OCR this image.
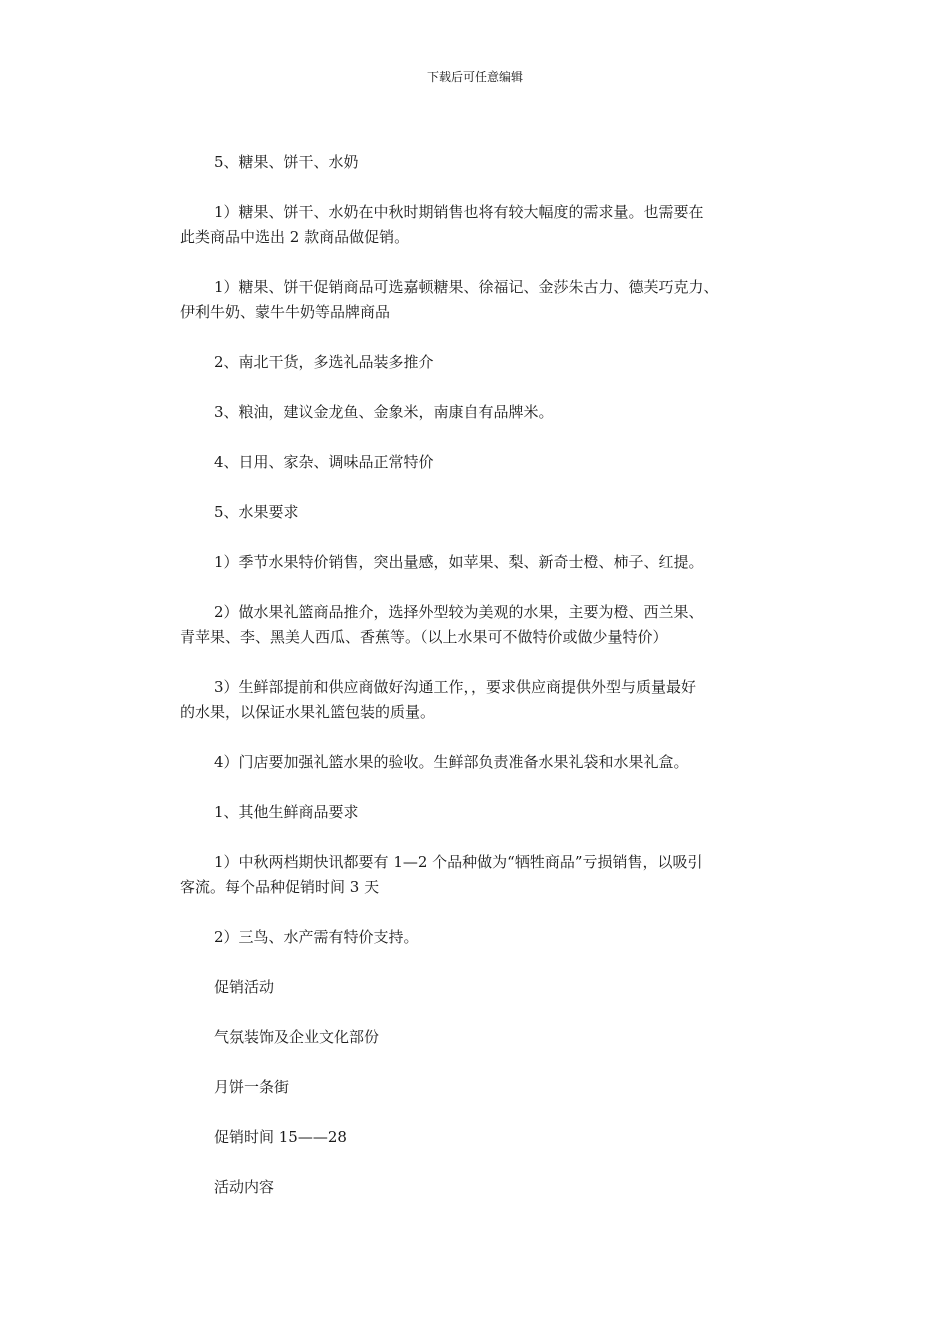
下载后可任意编辑

5、糖果、饼干、水奶

1）糖果、饼干、水奶在中秋时期销售也将有较大幅度的需求量。也需要在
此类商品中选出 2 款商品做促销。

1）糖果、饼干促销商品可选嘉顿糖果、徐福记、金莎朱古力、德芙巧克力、
伊利牛奶、蒙牛牛奶等品牌商品

2、南北干货，多选礼品装多推介

3、粮油，建议金龙鱼、金象米，南康自有品牌米。

4、日用、家杂、调味品正常特价

5、水果要求

1）季节水果特价销售，突出量感，如苹果、梨、新奇士橙、柿子、红提。

2）做水果礼篮商品推介，选择外型较为美观的水果，主要为橙、西兰果、
青苹果、李、黑美人西瓜、香蕉等。（以上水果可不做特价或做少量特价）

3）生鲜部提前和供应商做好沟通工作，，要求供应商提供外型与质量最好
的水果，以保证水果礼篮包装的质量。

4）门店要加强礼篮水果的验收。生鲜部负责准备水果礼袋和水果礼盒。

1、其他生鲜商品要求

1）中秋两档期快讯都要有 1—2 个品种做为“牺牲商品”亏损销售，以吸引
客流。每个品种促销时间 3 天

2）三鸟、水产需有特价支持。

促销活动

气氛装饰及企业文化部份

月饼一条街

促销时间 15——28

活动内容
